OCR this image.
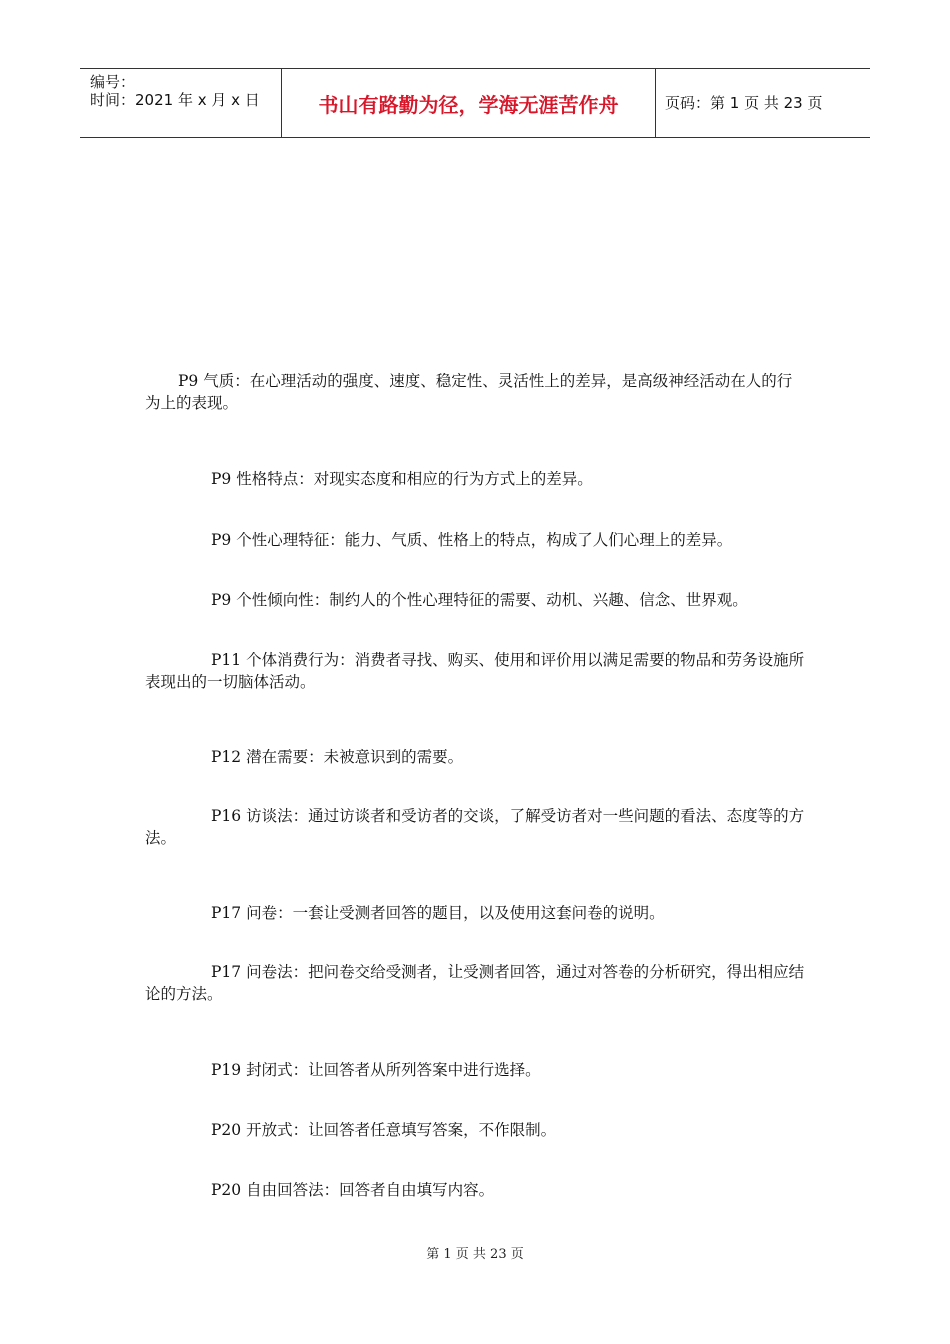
编号：
时间：2021 年 x 月 x 日	书山有路勤为径，学海无涯苦作舟	页码：第 1 页 共 23 页

P9 气质：在心理活动的强度、速度、稳定性、灵活性上的差异，是高级神经活动在人的行为上的表现。

P9 性格特点：对现实态度和相应的行为方式上的差异。

P9 个性心理特征：能力、气质、性格上的特点，构成了人们心理上的差异。

P9 个性倾向性：制约人的个性心理特征的需要、动机、兴趣、信念、世界观。

P11 个体消费行为：消费者寻找、购买、使用和评价用以满足需要的物品和劳务设施所表现出的一切脑体活动。

P12 潜在需要：未被意识到的需要。

P16 访谈法：通过访谈者和受访者的交谈，了解受访者对一些问题的看法、态度等的方法。

P17 问卷：一套让受测者回答的题目，以及使用这套问卷的说明。

P17 问卷法：把问卷交给受测者，让受测者回答，通过对答卷的分析研究，得出相应结论的方法。

P19 封闭式：让回答者从所列答案中进行选择。

P20 开放式：让回答者任意填写答案，不作限制。

P20 自由回答法：回答者自由填写内容。

第 1 页 共 23 页
